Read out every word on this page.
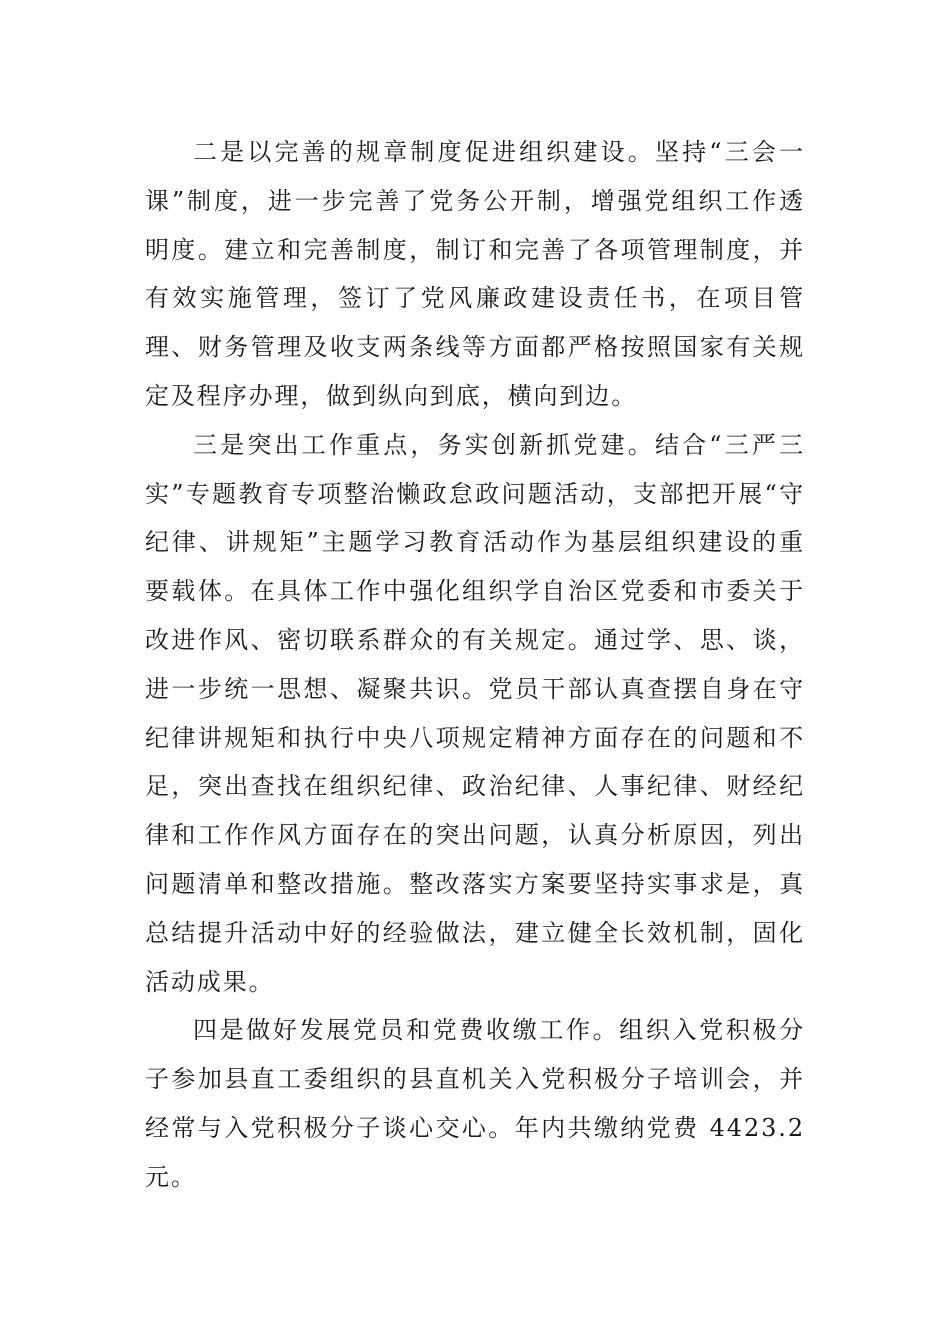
二是以完善的规章制度促进组织建设。坚持“三会一课”制度，进一步完善了党务公开制，增强党组织工作透明度。建立和完善制度，制订和完善了各项管理制度，并有效实施管理，签订了党风廉政建设责任书，在项目管理、财务管理及收支两条线等方面都严格按照国家有关规定及程序办理，做到纵向到底，横向到边。

三是突出工作重点，务实创新抓党建。结合“三严三实”专题教育专项整治懒政怠政问题活动，支部把开展“守纪律、讲规矩”主题学习教育活动作为基层组织建设的重要载体。在具体工作中强化组织学自治区党委和市委关于改进作风、密切联系群众的有关规定。通过学、思、谈，进一步统一思想、凝聚共识。党员干部认真查摆自身在守纪律讲规矩和执行中央八项规定精神方面存在的问题和不足，突出查找在组织纪律、政治纪律、人事纪律、财经纪律和工作作风方面存在的突出问题，认真分析原因，列出问题清单和整改措施。整改落实方案要坚持实事求是，真总结提升活动中好的经验做法，建立健全长效机制，固化活动成果。

四是做好发展党员和党费收缴工作。组织入党积极分子参加县直工委组织的县直机关入党积极分子培训会，并经常与入党积极分子谈心交心。年内共缴纳党费 4423.2 元。
